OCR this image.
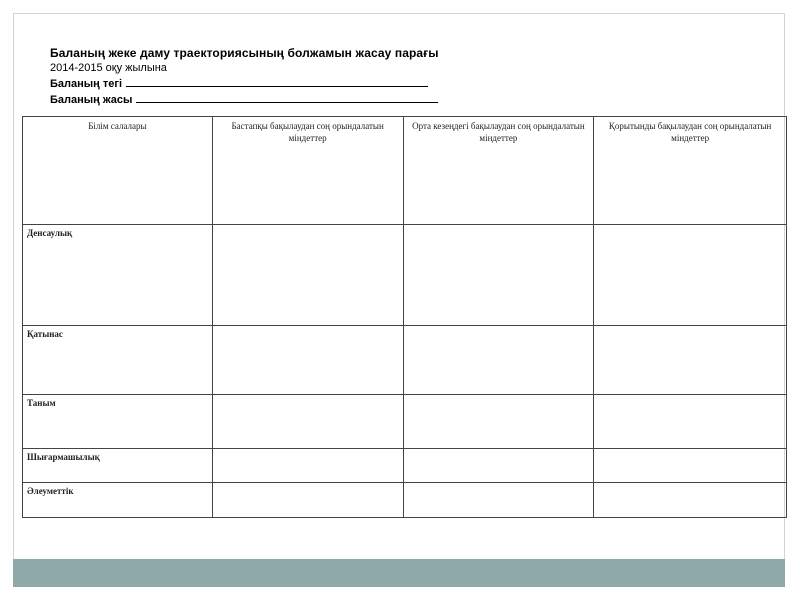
Баланың жеке даму траекториясының болжамын жасау парағы
2014-2015 оқу жылына
Баланың тегі
Баланың жасы
Білім салалары	Бастапқы бақылаудан соң орындалатын міндеттер	Орта кезеңдегі бақылаудан соң орындалатын міндеттер	Қорытынды бақылаудан соң орындалатын міндеттер
Денсаулық			
Қатынас			
Таным			
Шығармашылық			
Әлеуметтік			
